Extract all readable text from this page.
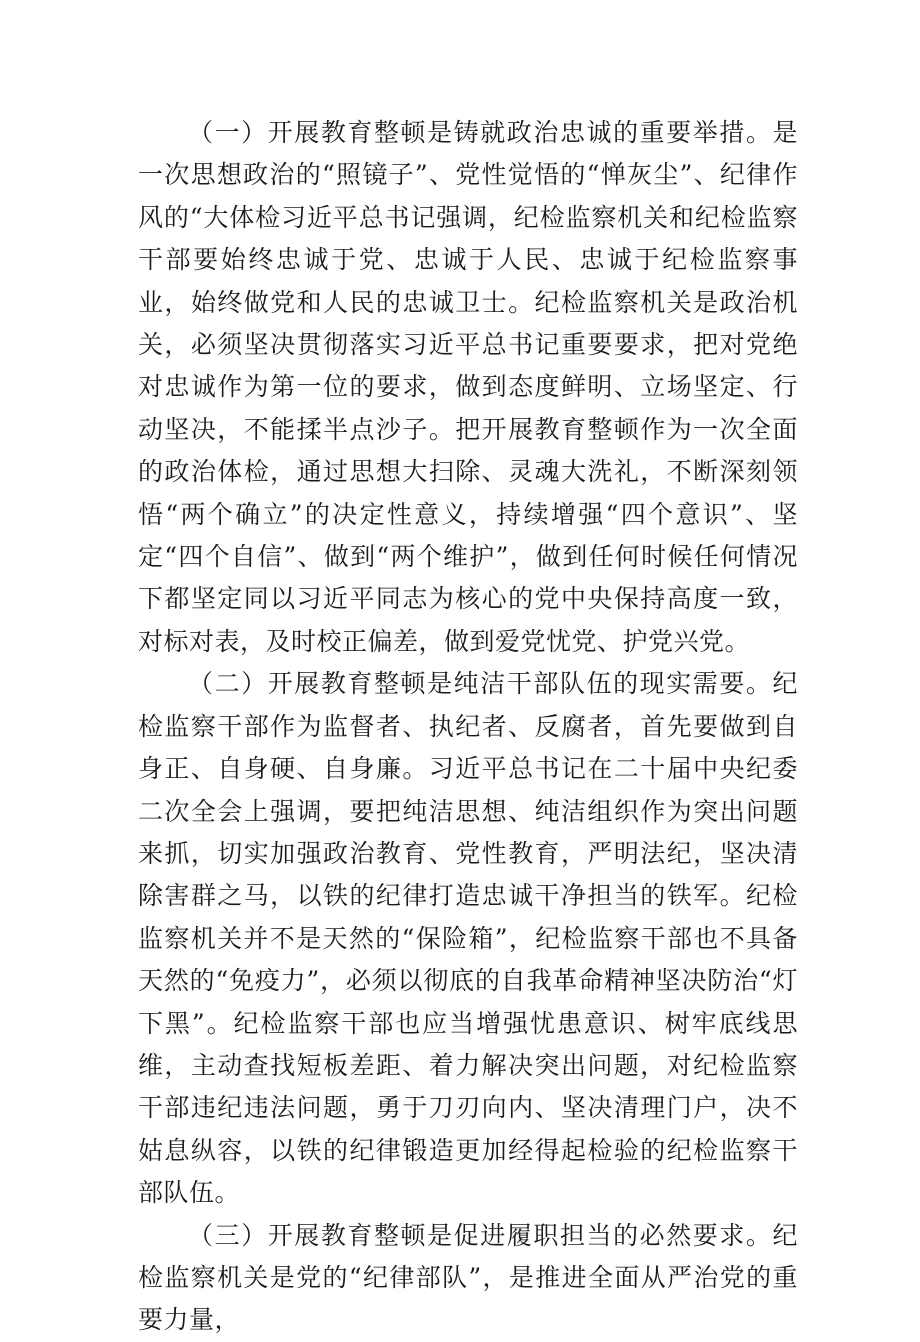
（一）开展教育整顿是铸就政治忠诚的重要举措。是一次思想政治的“照镜子”、党性觉悟的“惮灰尘”、纪律作风的“大体检习近平总书记强调，纪检监察机关和纪检监察干部要始终忠诚于党、忠诚于人民、忠诚于纪检监察事业，始终做党和人民的忠诚卫士。纪检监察机关是政治机关，必须坚决贯彻落实习近平总书记重要要求，把对党绝对忠诚作为第一位的要求，做到态度鲜明、立场坚定、行动坚决，不能揉半点沙子。把开展教育整顿作为一次全面的政治体检，通过思想大扫除、灵魂大洗礼，不断深刻领悟“两个确立”的决定性意义，持续增强“四个意识”、坚定“四个自信”、做到“两个维护”，做到任何时候任何情况下都坚定同以习近平同志为核心的党中央保持高度一致，对标对表，及时校正偏差，做到爱党忧党、护党兴党。

（二）开展教育整顿是纯洁干部队伍的现实需要。纪检监察干部作为监督者、执纪者、反腐者，首先要做到自身正、自身硬、自身廉。习近平总书记在二十届中央纪委二次全会上强调，要把纯洁思想、纯洁组织作为突出问题来抓，切实加强政治教育、党性教育，严明法纪，坚决清除害群之马，以铁的纪律打造忠诚干净担当的铁军。纪检监察机关并不是天然的“保险箱”，纪检监察干部也不具备天然的“免疫力”，必须以彻底的自我革命精神坚决防治“灯下黑”。纪检监察干部也应当增强忧患意识、树牢底线思维，主动查找短板差距、着力解决突出问题，对纪检监察干部违纪违法问题，勇于刀刃向内、坚决清理门户，决不姑息纵容，以铁的纪律锻造更加经得起检验的纪检监察干部队伍。

（三）开展教育整顿是促进履职担当的必然要求。纪检监察机关是党的“纪律部队”，是推进全面从严治党的重要力量，
